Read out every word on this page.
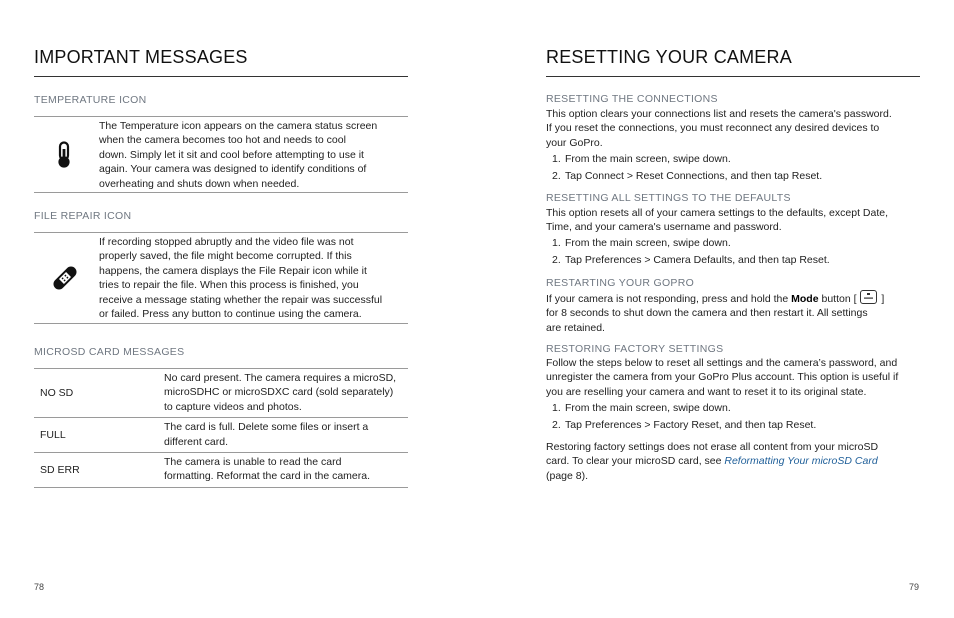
IMPORTANT MESSAGES

TEMPERATURE ICON

The Temperature icon appears on the camera status screen
when the camera becomes too hot and needs to cool
down. Simply let it sit and cool before attempting to use it
again. Your camera was designed to identify conditions of
overheating and shuts down when needed.

FILE REPAIR ICON

If recording stopped abruptly and the video file was not
properly saved, the file might become corrupted. If this
happens, the camera displays the File Repair icon while it
tries to repair the file. When this process is finished, you
receive a message stating whether the repair was successful
or failed. Press any button to continue using the camera.

MICROSD CARD MESSAGES

NO SD	No card present. The camera requires a microSD,
microSDHC or microSDXC card (sold separately)
to capture videos and photos.

FULL	The card is full. Delete some files or insert a
different card.

SD ERR	The camera is unable to read the card
formatting. Reformat the card in the camera.
78
RESETTING YOUR CAMERA

RESETTING THE CONNECTIONS

This option clears your connections list and resets the camera's password.
If you reset the connections, you must reconnect any desired devices to
your GoPro.
1. From the main screen, swipe down.
2. Tap Connect > Reset Connections, and then tap Reset.

RESETTING ALL SETTINGS TO THE DEFAULTS

This option resets all of your camera settings to the defaults, except Date,
Time, and your camera's username and password.
1. From the main screen, swipe down.
2. Tap Preferences > Camera Defaults, and then tap Reset.

RESTARTING YOUR GOPRO

If your camera is not responding, press and hold the Mode button [
]
for 8 seconds to shut down the camera and then restart it. All settings
are retained.

RESTORING FACTORY SETTINGS

Follow the steps below to reset all settings and the camera’s password, and
unregister the camera from your GoPro Plus account. This option is useful if
you are reselling your camera and want to reset it to its original state.
1. From the main screen, swipe down.
2. Tap Preferences > Factory Reset, and then tap Reset.
Restoring factory settings does not erase all content from your microSD
card. To clear your microSD card, see Reformatting Your microSD Card
(page 8).
79
